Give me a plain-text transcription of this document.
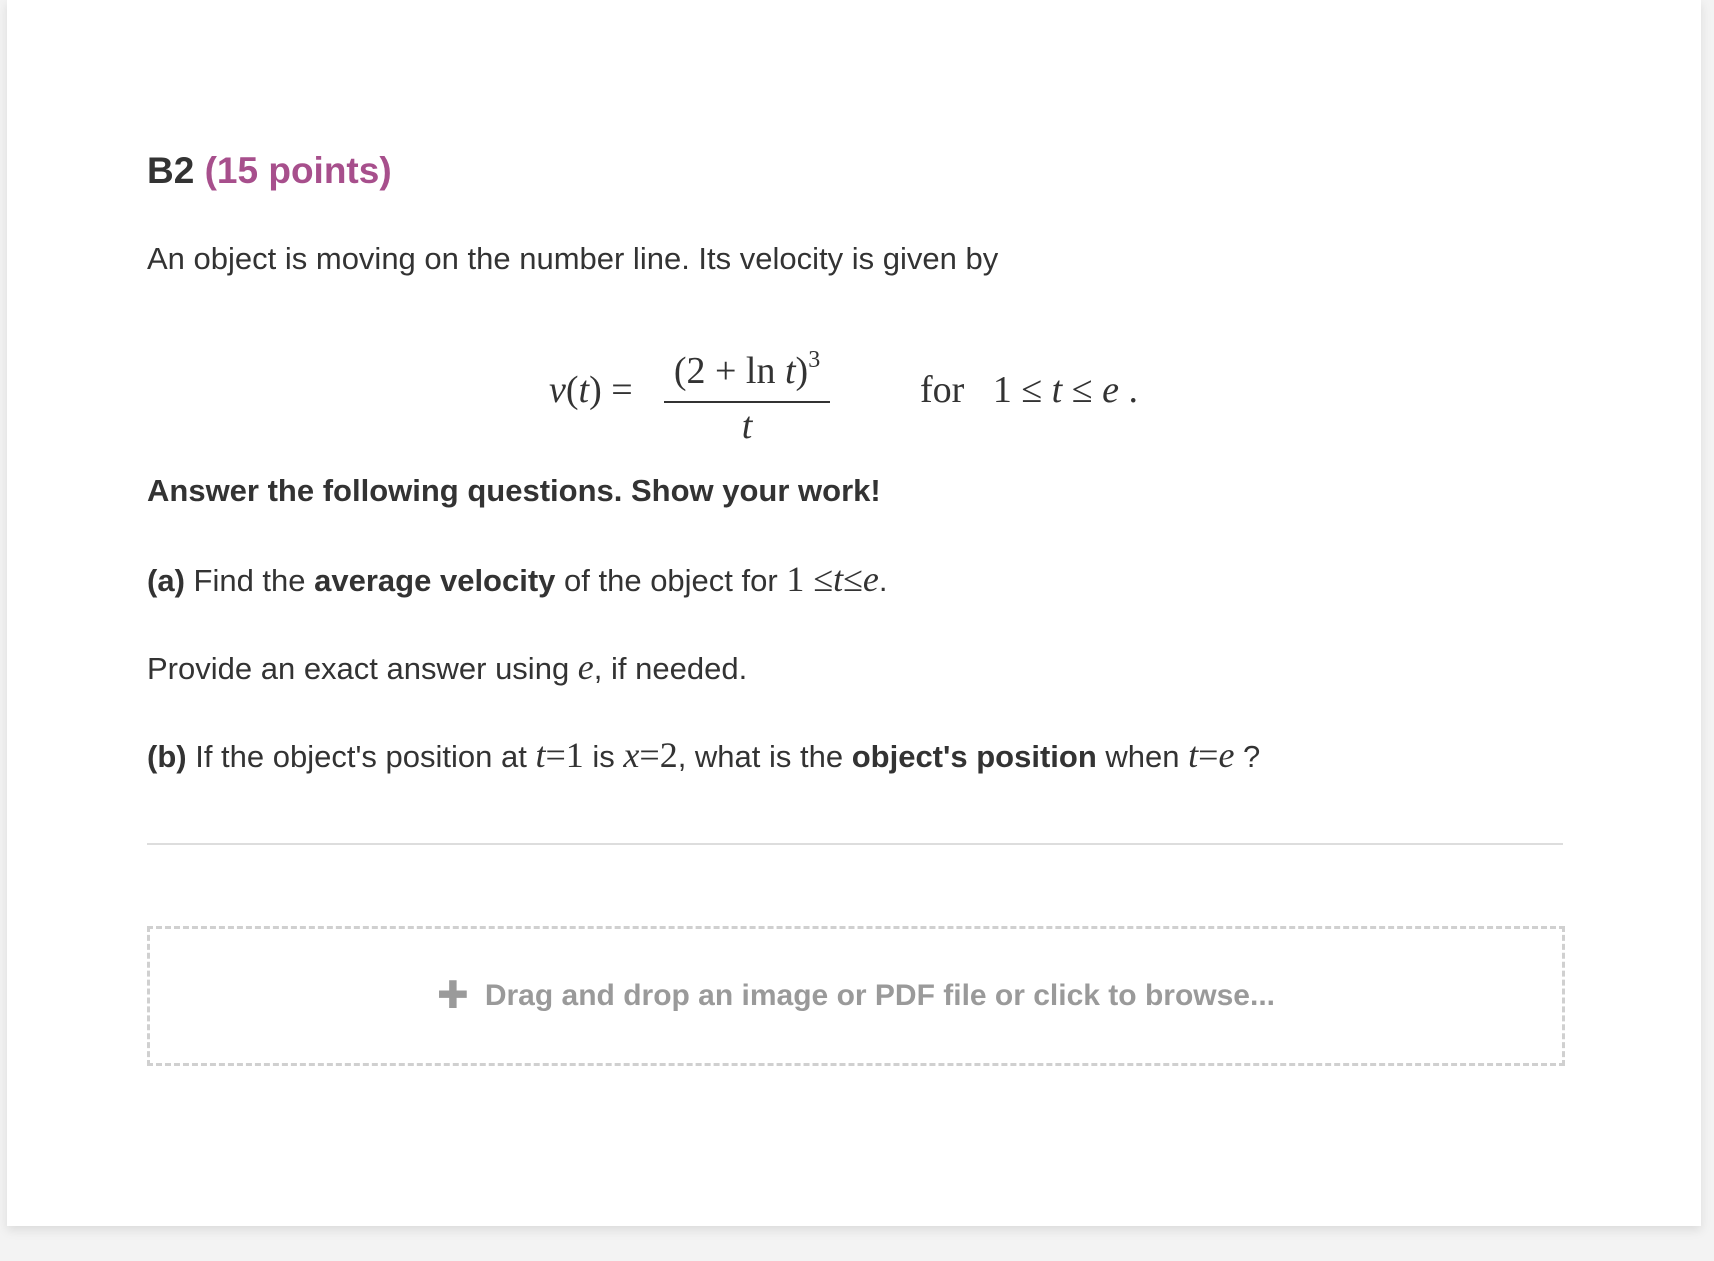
B2 (15 points)
An object is moving on the number line. Its velocity is given by
$v(t) = (2 + \ln t)^3$
t
for 1 ≤ t ≤ e .
Answer the following questions. Show your work!
(a) Find the average velocity of the object for 1 ≤t≤e.
Provide an exact answer using e, if needed.
(b) If the object's position at t=1 is x=2, what is the object's position when t=e ?
✚ Drag and drop an image or PDF file or click to browse...
